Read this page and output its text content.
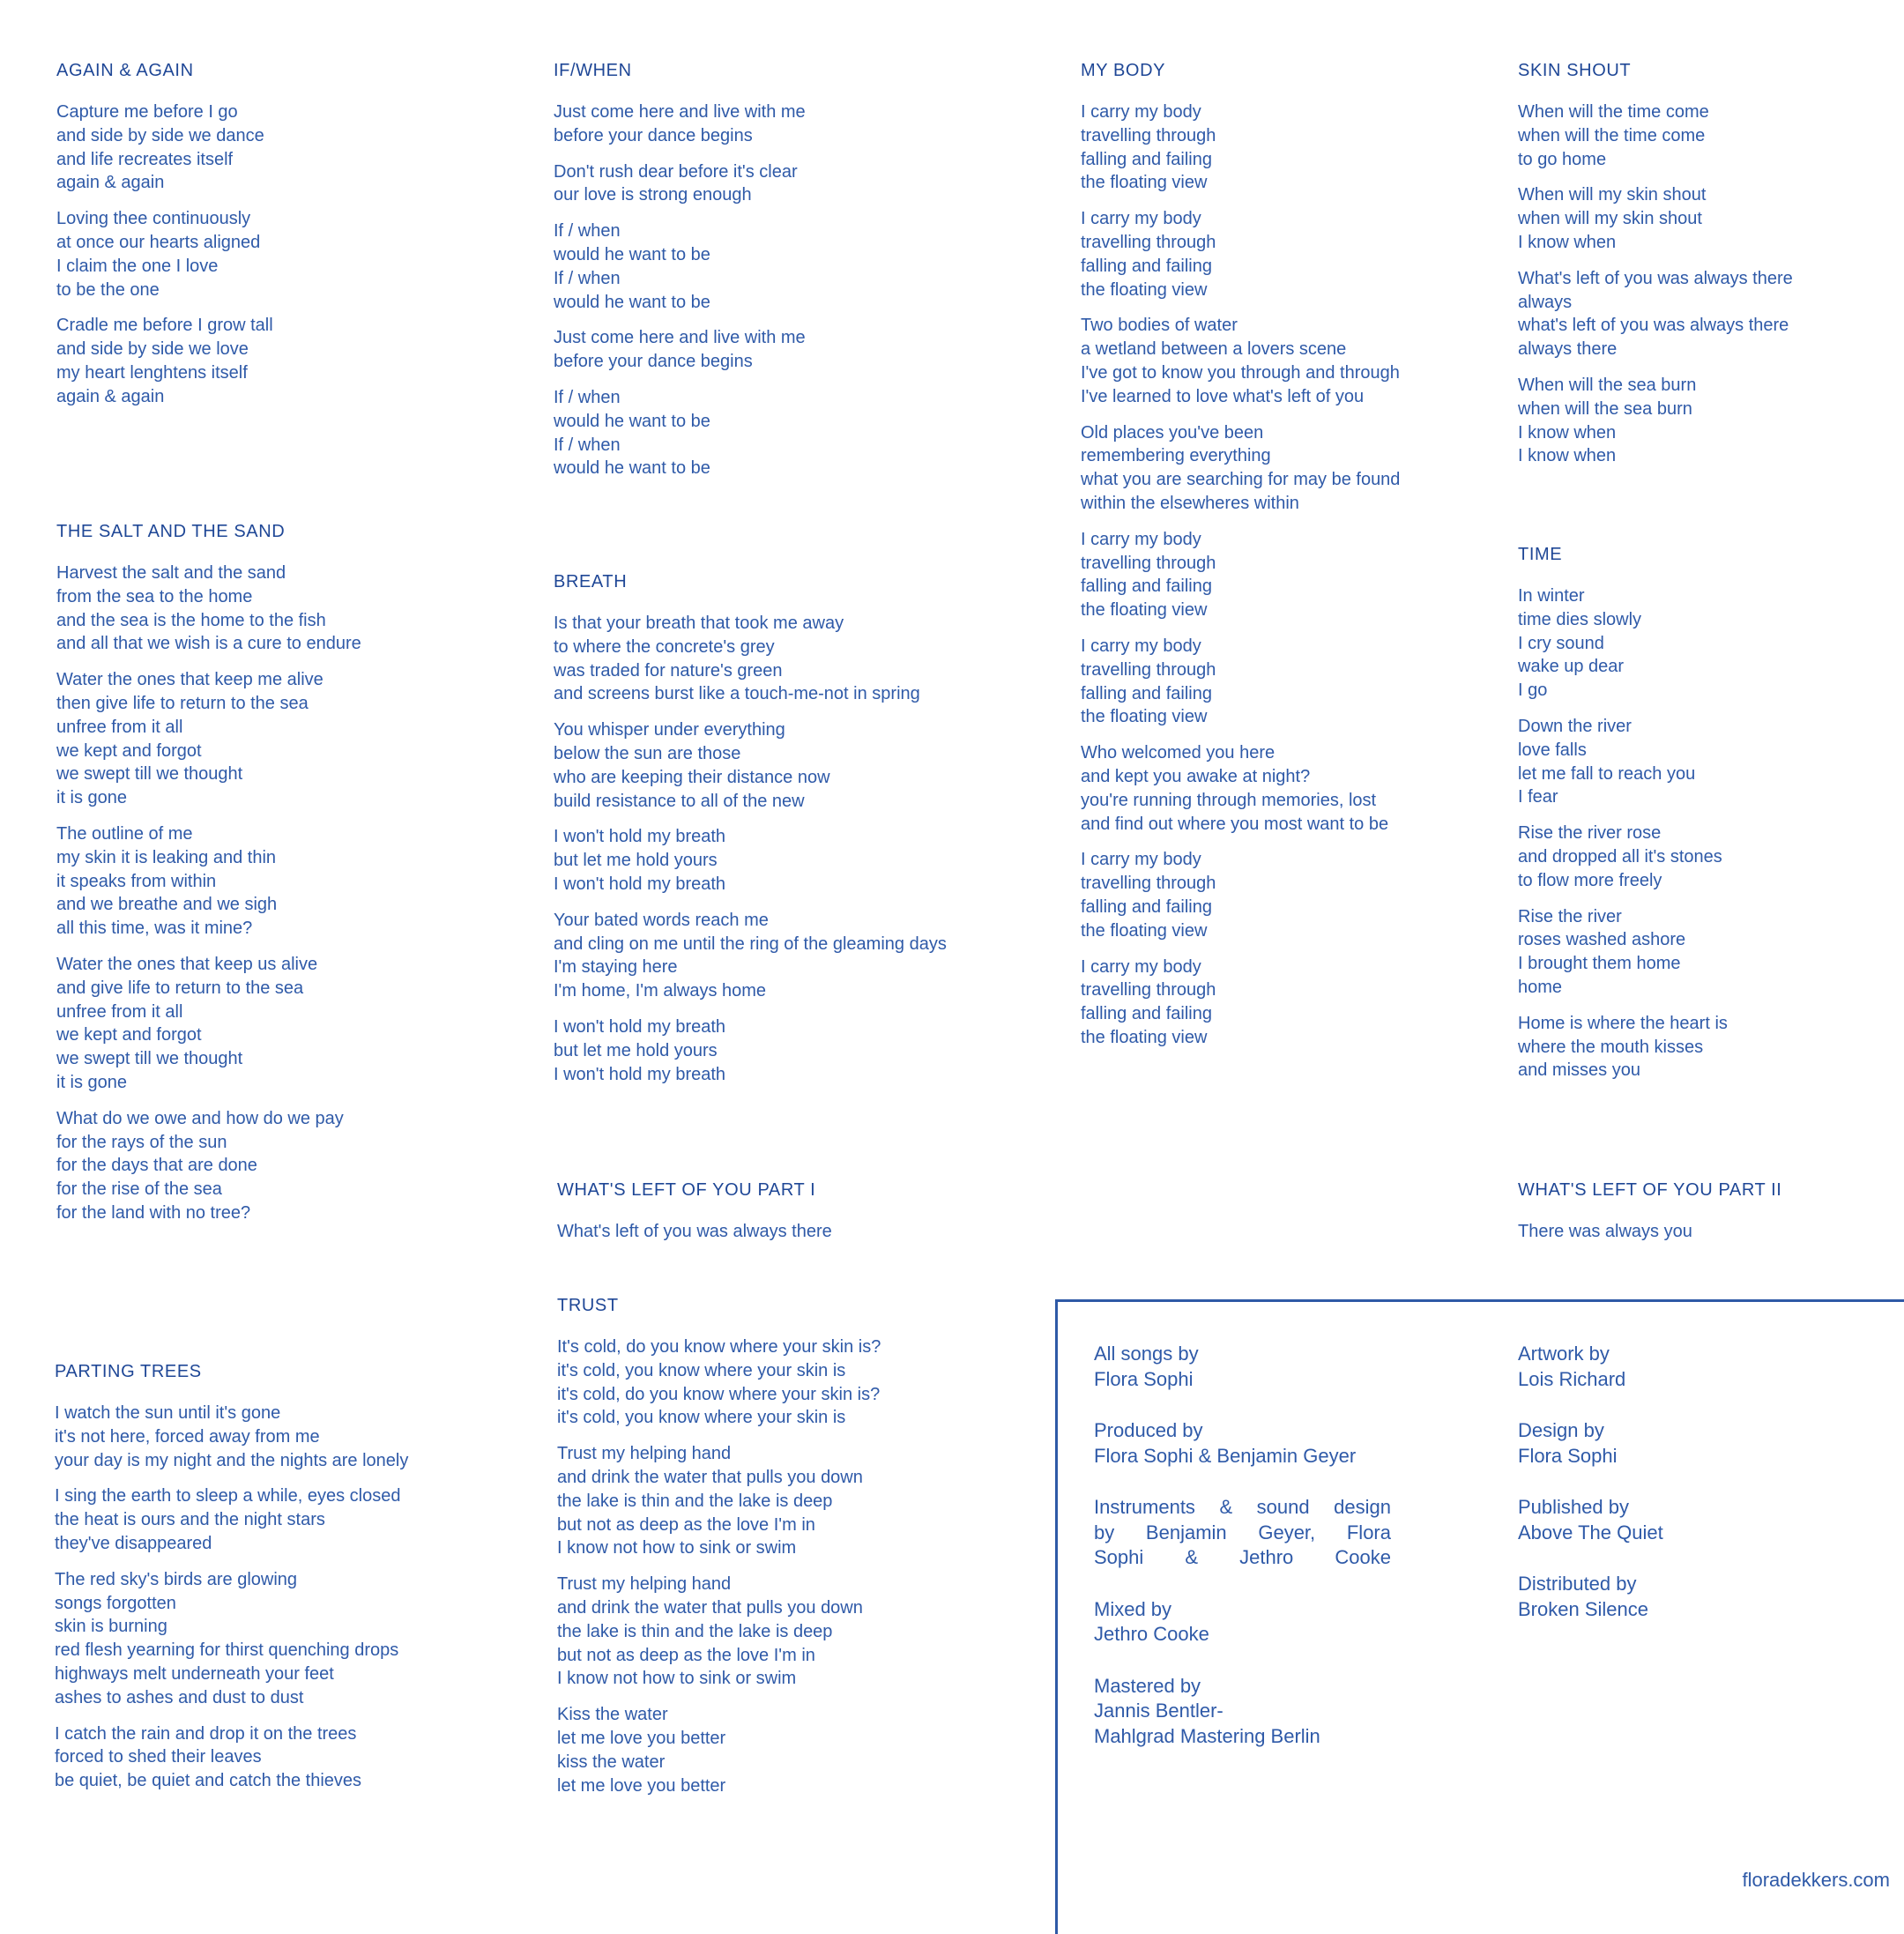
AGAIN & AGAIN
Capture me before I go
and side by side we dance
and life recreates itself
again & again
Loving thee continuously
at once our hearts aligned
I claim the one I love
to be the one
Cradle me before I grow tall
and side by side we love
my heart lenghtens itself
again & again
THE SALT AND THE SAND
Harvest the salt and the sand
from the sea to the home
and the sea is the home to the fish
and all that we wish is a cure to endure
Water the ones that keep me alive
then give life to return to the sea
unfree from it all
we kept and forgot
we swept till we thought
it is gone
The outline of me
my skin it is leaking and thin
it speaks from within
and we breathe and we sigh
all this time, was it mine?
Water the ones that keep us alive
and give life to return to the sea
unfree from it all
we kept and forgot
we swept till we thought
it is gone
What do we owe and how do we pay
for the rays of the sun
for the days that are done
for the rise of the sea
for the land with no tree?
PARTING TREES
I watch the sun until it's gone
it's not here, forced away from me
your day is my night and the nights are lonely
I sing the earth to sleep a while, eyes closed
the heat is ours and the night stars
they've disappeared
The red sky's birds are glowing
songs forgotten
skin is burning
red flesh yearning for thirst quenching drops
highways melt underneath your feet
ashes to ashes and dust to dust
I catch the rain and drop it on the trees
forced to shed their leaves
be quiet, be quiet and catch the thieves
IF/WHEN
Just come here and live with me
before your dance begins
Don't rush dear before it's clear
our love is strong enough
If / when
would he want to be
If / when
would he want to be
Just come here and live with me
before your dance begins
If / when
would he want to be
If / when
would he want to be
BREATH
Is that your breath that took me away
to where the concrete's grey
was traded for nature's green
and screens burst like a touch-me-not in spring
You whisper under everything
below the sun are those
who are keeping their distance now
build resistance to all of the new
I won't hold my breath
but let me hold yours
I won't hold my breath
Your bated words reach me
and cling on me until the ring of the gleaming days
I'm staying here
I'm home, I'm always home
I won't hold my breath
but let me hold yours
I won't hold my breath
WHAT'S LEFT OF YOU PART I
What's left of you was always there
TRUST
It's cold, do you know where your skin is?
it's cold, you know where your skin is
it's cold, do you know where your skin is?
it's cold, you know where your skin is
Trust my helping hand
and drink the water that pulls you down
the lake is thin and the lake is deep
but not as deep as the love I'm in
I know not how to sink or swim
Trust my helping hand
and drink the water that pulls you down
the lake is thin and the lake is deep
but not as deep as the love I'm in
I know not how to sink or swim
Kiss the water
let me love you better
kiss the water
let me love you better
MY BODY
I carry my body
travelling through
falling and failing
the floating view
I carry my body
travelling through
falling and failing
the floating view
Two bodies of water
a wetland between a lovers scene
I've got to know you through and through
I've learned to love what's left of you
Old places you've been
remembering everything
what you are searching for may be found
within the elsewheres within
I carry my body
travelling through
falling and failing
the floating view
I carry my body
travelling through
falling and failing
the floating view
Who welcomed you here
and kept you awake at night?
you're running through memories, lost
and find out where you most want to be
I carry my body
travelling through
falling and failing
the floating view
I carry my body
travelling through
falling and failing
the floating view
SKIN SHOUT
When will the time come
when will the time come
to go home
When will my skin shout
when will my skin shout
I know when
What's left of you was always there
always
what's left of you was always there
always there
When will the sea burn
when will the sea burn
I know when
I know when
TIME
In winter
time dies slowly
I cry sound
wake up dear
I go
Down the river
love falls
let me fall to reach you
I fear
Rise the river rose
and dropped all it's stones
to flow more freely
Rise the river
roses washed ashore
I brought them home
home
Home is where the heart is
where the mouth kisses
and misses you
WHAT'S LEFT OF YOU PART II
There was always you
All songs by
Flora Sophi
Produced by
Flora Sophi & Benjamin Geyer
Instruments & sound design
by Benjamin Geyer, Flora
Sophi & Jethro Cooke
Mixed by
Jethro Cooke
Mastered by
Jannis Bentler-
Mahlgrad Mastering Berlin
Artwork by
Lois Richard
Design by
Flora Sophi
Published by
Above The Quiet
Distributed by
Broken Silence
floradekkers.com
